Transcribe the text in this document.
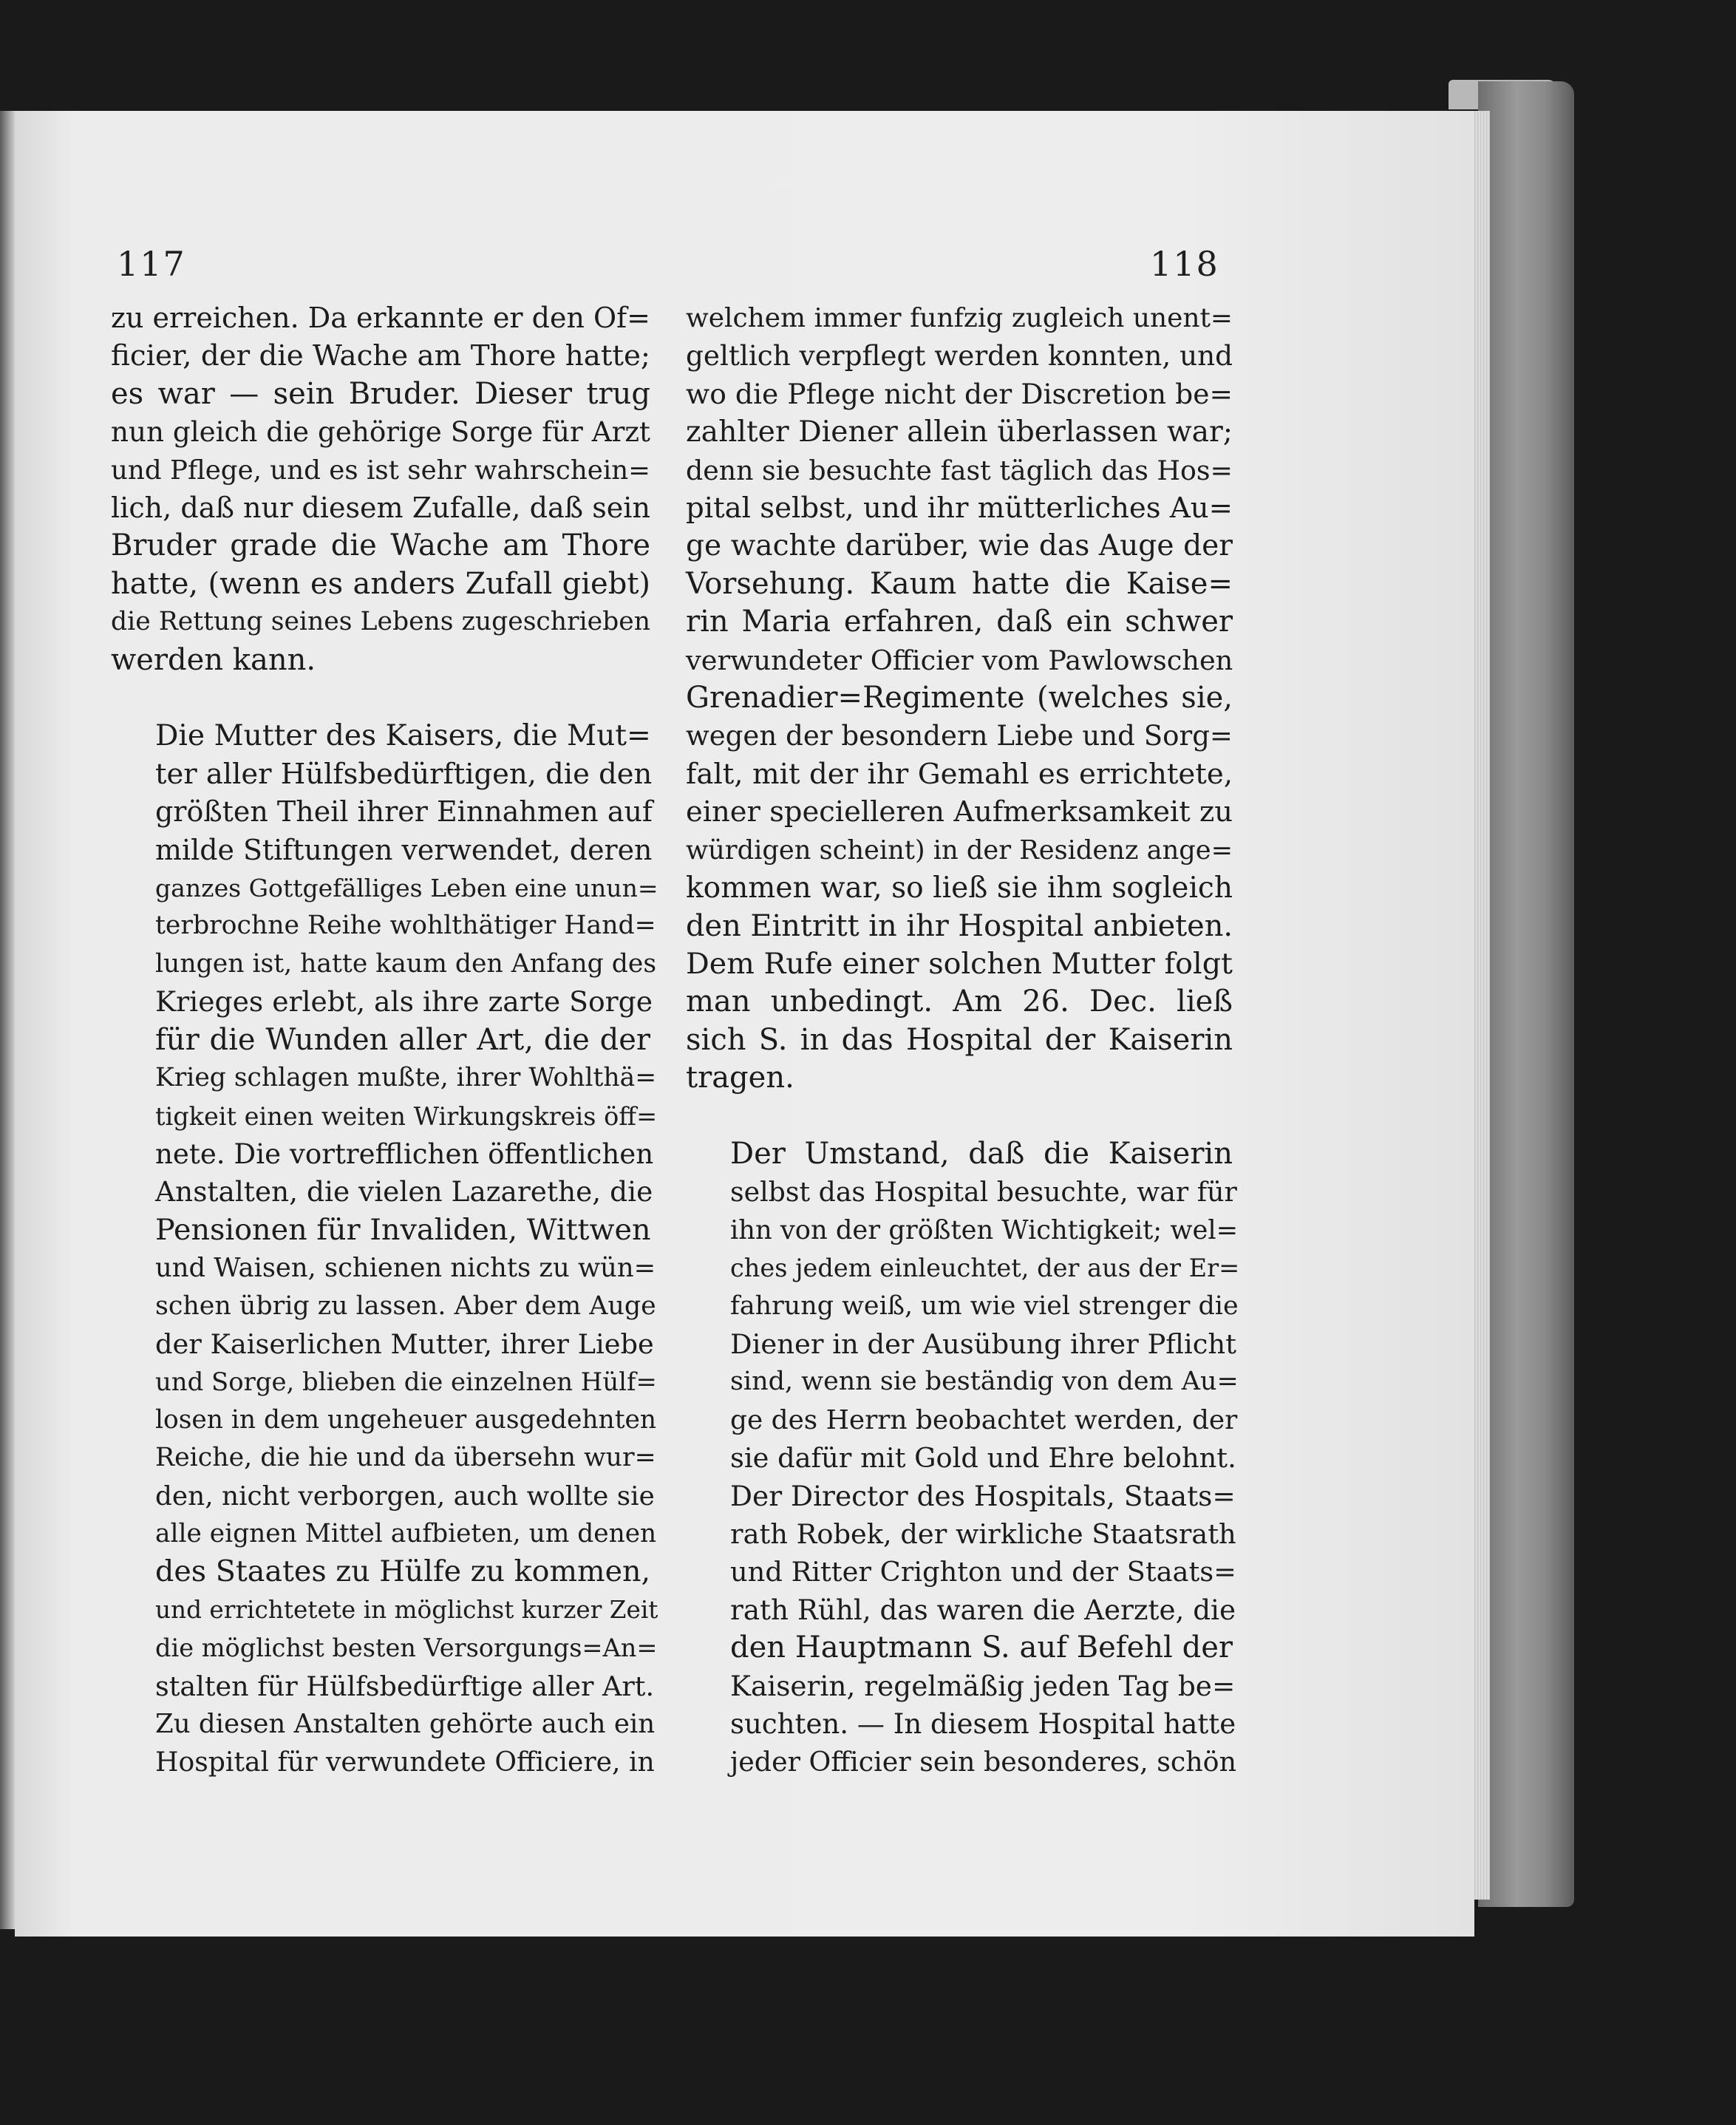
117	118

zu erreichen. Da erkannte er den Of=
ficier, der die Wache am Thore hatte;
es war — sein Bruder. Dieser trug
nun gleich die gehörige Sorge für Arzt
und Pflege, und es ist sehr wahrschein=
lich, daß nur diesem Zufalle, daß sein
Bruder grade die Wache am Thore
hatte, (wenn es anders Zufall giebt)
die Rettung seines Lebens zugeschrieben
werden kann.

Die Mutter des Kaisers, die Mut=
ter aller Hülfsbedürftigen, die den
größten Theil ihrer Einnahmen auf
milde Stiftungen verwendet, deren
ganzes Gottgefälliges Leben eine unun=
terbrochne Reihe wohlthätiger Hand=
lungen ist, hatte kaum den Anfang des
Krieges erlebt, als ihre zarte Sorge
für die Wunden aller Art, die der
Krieg schlagen mußte, ihrer Wohlthä=
tigkeit einen weiten Wirkungskreis öff=
nete. Die vortrefflichen öffentlichen
Anstalten, die vielen Lazarethe, die
Pensionen für Invaliden, Wittwen
und Waisen, schienen nichts zu wün=
schen übrig zu lassen. Aber dem Auge
der Kaiserlichen Mutter, ihrer Liebe
und Sorge, blieben die einzelnen Hülf=
losen in dem ungeheuer ausgedehnten
Reiche, die hie und da übersehn wur=
den, nicht verborgen, auch wollte sie
alle eignen Mittel aufbieten, um denen
des Staates zu Hülfe zu kommen,
und errichtetete in möglichst kurzer Zeit
die möglichst besten Versorgungs=An=
stalten für Hülfsbedürftige aller Art.
Zu diesen Anstalten gehörte auch ein
Hospital für verwundete Officiere, in

welchem immer funfzig zugleich unent=
geltlich verpflegt werden konnten, und
wo die Pflege nicht der Discretion be=
zahlter Diener allein überlassen war;
denn sie besuchte fast täglich das Hos=
pital selbst, und ihr mütterliches Au=
ge wachte darüber, wie das Auge der
Vorsehung. Kaum hatte die Kaise=
rin Maria erfahren, daß ein schwer
verwundeter Officier vom Pawlowschen
Grenadier=Regimente (welches sie,
wegen der besondern Liebe und Sorg=
falt, mit der ihr Gemahl es errichtete,
einer specielleren Aufmerksamkeit zu
würdigen scheint) in der Residenz ange=
kommen war, so ließ sie ihm sogleich
den Eintritt in ihr Hospital anbieten.
Dem Rufe einer solchen Mutter folgt
man unbedingt. Am 26. Dec. ließ
sich S. in das Hospital der Kaiserin
tragen.

Der Umstand, daß die Kaiserin
selbst das Hospital besuchte, war für
ihn von der größten Wichtigkeit; wel=
ches jedem einleuchtet, der aus der Er=
fahrung weiß, um wie viel strenger die
Diener in der Ausübung ihrer Pflicht
sind, wenn sie beständig von dem Au=
ge des Herrn beobachtet werden, der
sie dafür mit Gold und Ehre belohnt.
Der Director des Hospitals, Staats=
rath Robek, der wirkliche Staatsrath
und Ritter Crighton und der Staats=
rath Rühl, das waren die Aerzte, die
den Hauptmann S. auf Befehl der
Kaiserin, regelmäßig jeden Tag be=
suchten. — In diesem Hospital hatte
jeder Officier sein besonderes, schön
